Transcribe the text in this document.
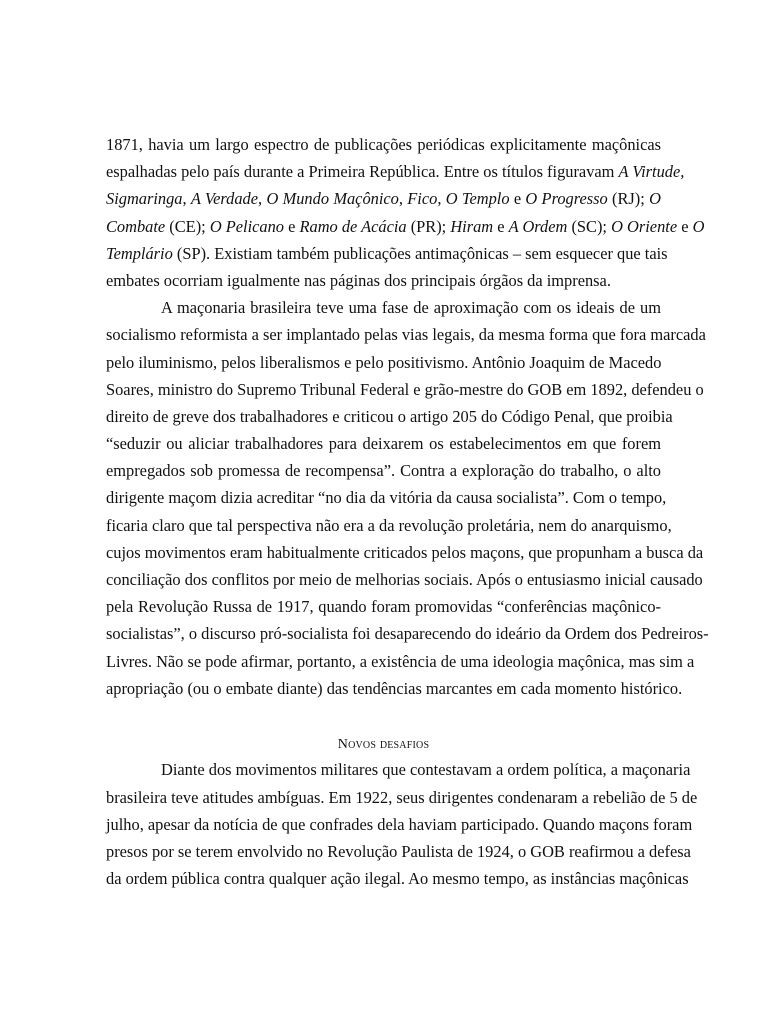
1871, havia um largo espectro de publicações periódicas explicitamente maçônicas
espalhadas pelo país durante a Primeira República. Entre os títulos figuravam A Virtude,
Sigmaringa, A Verdade, O Mundo Maçônico, Fico, O Templo e O Progresso (RJ); O
Combate (CE); O Pelicano e Ramo de Acácia (PR); Hiram e A Ordem (SC); O Oriente e O
Templário (SP). Existiam também publicações antimaçônicas – sem esquecer que tais
embates ocorriam igualmente nas páginas dos principais órgãos da imprensa.
A maçonaria brasileira teve uma fase de aproximação com os ideais de um
socialismo reformista a ser implantado pelas vias legais, da mesma forma que fora marcada
pelo iluminismo, pelos liberalismos e pelo positivismo. Antônio Joaquim de Macedo
Soares, ministro do Supremo Tribunal Federal e grão-mestre do GOB em 1892, defendeu o
direito de greve dos trabalhadores e criticou o artigo 205 do Código Penal, que proibia
“seduzir ou aliciar trabalhadores para deixarem os estabelecimentos em que forem
empregados sob promessa de recompensa”. Contra a exploração do trabalho, o alto
dirigente maçom dizia acreditar “no dia da vitória da causa socialista”. Com o tempo,
ficaria claro que tal perspectiva não era a da revolução proletária, nem do anarquismo,
cujos movimentos eram habitualmente criticados pelos maçons, que propunham a busca da
conciliação dos conflitos por meio de melhorias sociais. Após o entusiasmo inicial causado
pela Revolução Russa de 1917, quando foram promovidas “conferências maçônico-
socialistas”, o discurso pró-socialista foi desaparecendo do ideário da Ordem dos Pedreiros-
Livres. Não se pode afirmar, portanto, a existência de uma ideologia maçônica, mas sim a
apropriação (ou o embate diante) das tendências marcantes em cada momento histórico.
Novos desafios
Diante dos movimentos militares que contestavam a ordem política, a maçonaria
brasileira teve atitudes ambíguas. Em 1922, seus dirigentes condenaram a rebelião de 5 de
julho, apesar da notícia de que confrades dela haviam participado. Quando maçons foram
presos por se terem envolvido no Revolução Paulista de 1924, o GOB reafirmou a defesa
da ordem pública contra qualquer ação ilegal. Ao mesmo tempo, as instâncias maçônicas
